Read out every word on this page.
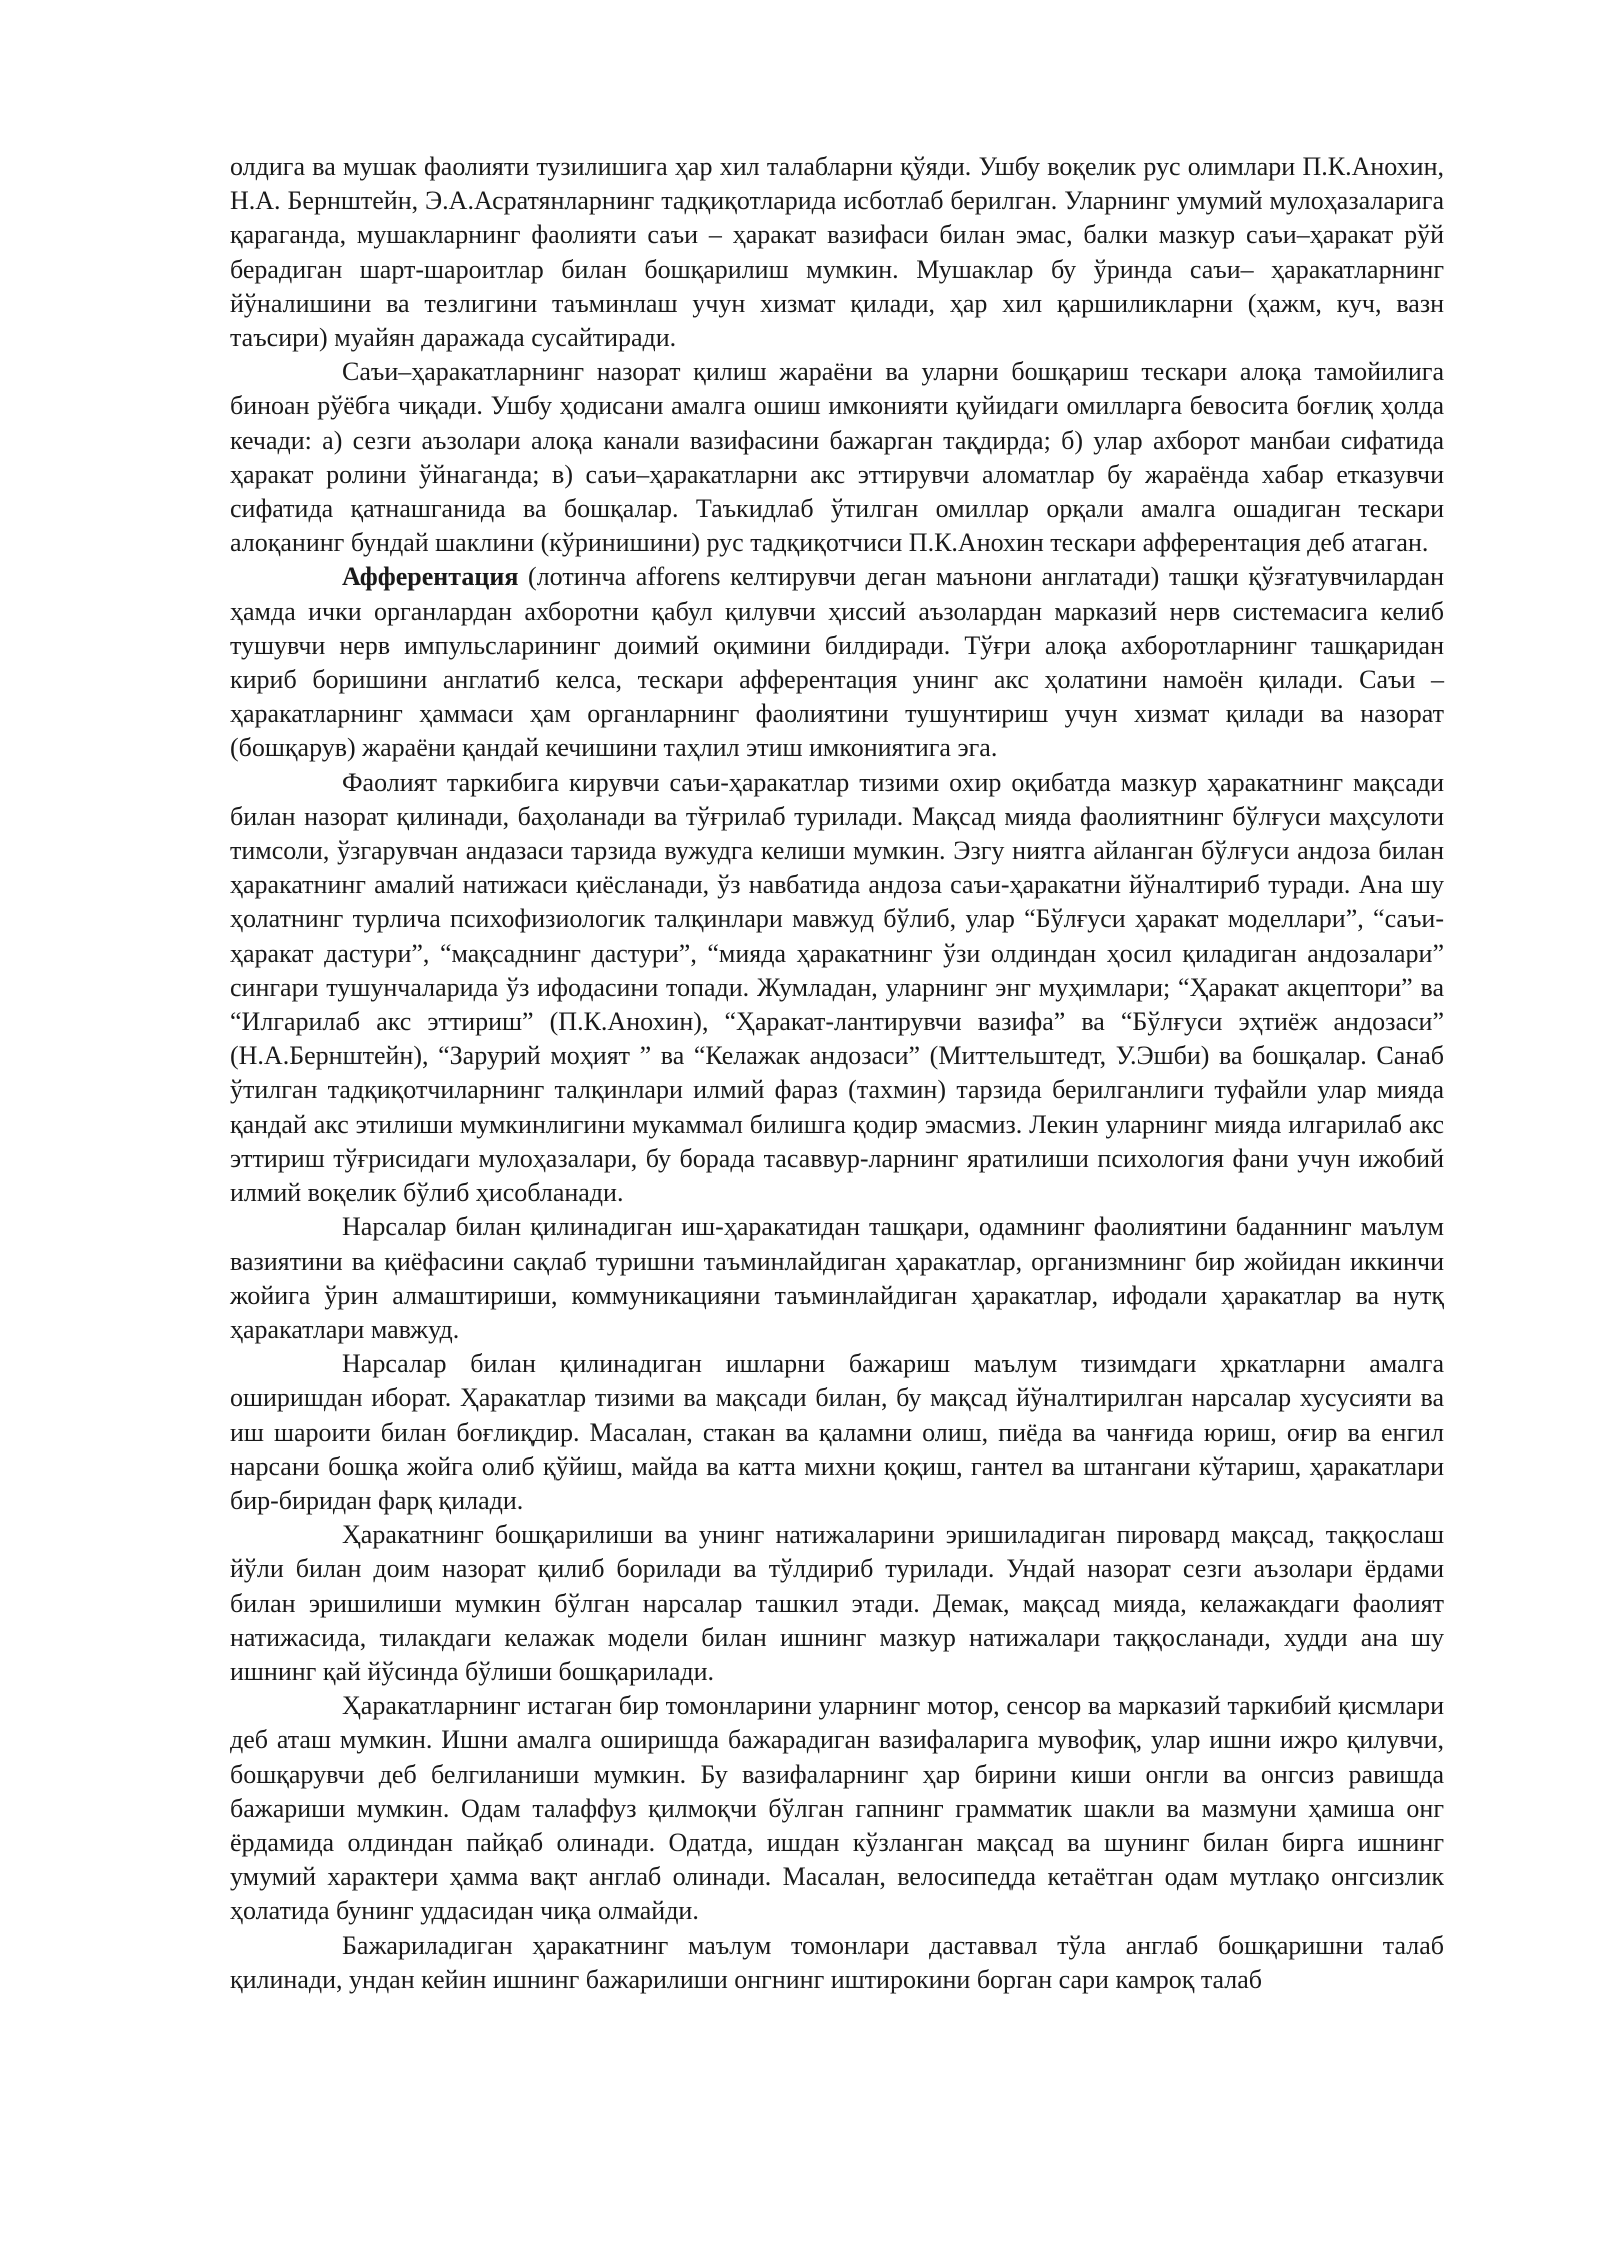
олдига ва мушак фаолияти тузилишига ҳар хил талабларни қўяди. Ушбу воқелик рус олимлари П.К.Анохин, Н.А. Бернштейн, Э.А.Асратянларнинг тадқиқотларида исботлаб берилган. Уларнинг умумий мулоҳазаларига қараганда, мушакларнинг фаолияти саъи – ҳаракат вазифаси билан эмас, балки мазкур саъи–ҳаракат рўй берадиган шарт-шароитлар билан бошқарилиш мумкин. Мушаклар бу ўринда саъи– ҳаракатларнинг йўналишини ва тезлигини таъминлаш учун хизмат қилади, ҳар хил қаршиликларни (ҳажм, куч, вазн таъсири) муайян даражада сусайтиради.

Саъи–ҳаракатларнинг назорат қилиш жараёни ва уларни бошқариш тескари алоқа тамойилига биноан рўёбга чиқади. Ушбу ҳодисани амалга ошиш имконияти қуйидаги омилларга бевосита боғлиқ ҳолда кечади: а) сезги аъзолари алоқа канали вазифасини бажарган тақдирда; б) улар ахборот манбаи сифатида ҳаракат ролини ўйнаганда; в) саъи–ҳаракатларни акс эттирувчи аломатлар бу жараёнда хабар етказувчи сифатида қатнашганида ва бошқалар. Таъкидлаб ўтилган омиллар орқали амалга ошадиган тескари алоқанинг бундай шаклини (кўринишини) рус тадқиқотчиси П.К.Анохин тескари афферентация деб атаган.

Афферентация (лотинча afforens келтирувчи деган маънони англатади) ташқи қўзғатувчилардан ҳамда ички органлардан ахборотни қабул қилувчи ҳиссий аъзолардан марказий нерв системасига келиб тушувчи нерв импульсларининг доимий оқимини билдиради. Тўғри алоқа ахборотларнинг ташқаридан кириб боришини англатиб келса, тескари афферентация унинг акс ҳолатини намоён қилади. Саъи – ҳаракатларнинг ҳаммаси ҳам органларнинг фаолиятини тушунтириш учун хизмат қилади ва назорат (бошқарув) жараёни қандай кечишини таҳлил этиш имкониятига эга.

Фаолият таркибига кирувчи саъи-ҳаракатлар тизими охир оқибатда мазкур ҳаракатнинг мақсади билан назорат қилинади, баҳоланади ва тўғрилаб турилади. Мақсад мияда фаолиятнинг бўлғуси маҳсулоти тимсоли, ўзгарувчан андазаси тарзида вужудга келиши мумкин. Эзгу ниятга айланган бўлғуси андоза билан ҳаракатнинг амалий натижаси қиёсланади, ўз навбатида андоза саъи-ҳаракатни йўналтириб туради. Ана шу ҳолатнинг турлича психофизиологик талқинлари мавжуд бўлиб, улар “Бўлғуси ҳаракат моделлари”, “саъи-ҳаракат дастури”, “мақсаднинг дастури”, “мияда ҳаракатнинг ўзи олдиндан ҳосил қиладиган андозалари” сингари тушунчаларида ўз ифодасини топади. Жумладан, уларнинг энг муҳимлари; “Ҳаракат акцептори” ва “Илгарилаб акс эттириш” (П.К.Анохин), “Ҳаракат-лантирувчи вазифа” ва “Бўлғуси эҳтиёж андозаси” (Н.А.Бернштейн), “Зарурий моҳият ” ва “Келажак андозаси” (Миттельштедт, У.Эшби) ва бошқалар. Санаб ўтилган тадқиқотчиларнинг талқинлари илмий фараз (тахмин) тарзида берилганлиги туфайли улар мияда қандай акс этилиши мумкинлигини мукаммал билишга қодир эмасмиз. Лекин уларнинг мияда илгарилаб акс эттириш тўғрисидаги мулоҳазалари, бу борада тасаввур-ларнинг яратилиши психология фани учун ижобий илмий воқелик бўлиб ҳисобланади.

Нарсалар билан қилинадиган иш-ҳаракатидан ташқари, одамнинг фаолиятини баданнинг маълум вазиятини ва қиёфасини сақлаб туришни таъминлайдиган ҳаракатлар, организмнинг бир жойидан иккинчи жойига ўрин алмаштириши, коммуникацияни таъминлайдиган ҳаракатлар, ифодали ҳаракатлар ва нутқ ҳаракатлари мавжуд.

Нарсалар билан қилинадиган ишларни бажариш маълум тизимдаги ҳркатларни амалга оширишдан иборат. Ҳаракатлар тизими ва мақсади билан, бу мақсад йўналтирилган нарсалар хусусияти ва иш шароити билан боғлиқдир. Масалан, стакан ва қаламни олиш, пиёда ва чанғида юриш, оғир ва енгил нарсани бошқа жойга олиб қўйиш, майда ва катта михни қоқиш, гантел ва штангани кўтариш, ҳаракатлари бир-биридан фарқ қилади.

Ҳаракатнинг бошқарилиши ва унинг натижаларини эришиладиган пировард мақсад, таққослаш йўли билан доим назорат қилиб борилади ва тўлдириб турилади. Ундай назорат сезги аъзолари ёрдами билан эришилиши мумкин бўлган нарсалар ташкил этади. Демак, мақсад мияда, келажакдаги фаолият натижасида, тилакдаги келажак модели билан ишнинг мазкур натижалари таққосланади, худди ана шу ишнинг қай йўсинда бўлиши бошқарилади.

Ҳаракатларнинг истаган бир томонларини уларнинг мотор, сенсор ва марказий таркибий қисмлари деб аташ мумкин. Ишни амалга оширишда бажарадиган вазифаларига мувофиқ, улар ишни ижро қилувчи, бошқарувчи деб белгиланиши мумкин. Бу вазифаларнинг ҳар бирини киши онгли ва онгсиз равишда бажариши мумкин. Одам талаффуз қилмоқчи бўлган гапнинг грамматик шакли ва мазмуни ҳамиша онг ёрдамида олдиндан пайқаб олинади. Одатда, ишдан кўзланган мақсад ва шунинг билан бирга ишнинг умумий характери ҳамма вақт англаб олинади. Масалан, велосипедда кетаётган одам мутлақо онгсизлик ҳолатида бунинг уддасидан чиқа олмайди.

Бажариладиган ҳаракатнинг маълум томонлари даставвал тўла англаб бошқаришни талаб қилинади, ундан кейин ишнинг бажарилиши онгнинг иштирокини борган сари камроқ талаб
